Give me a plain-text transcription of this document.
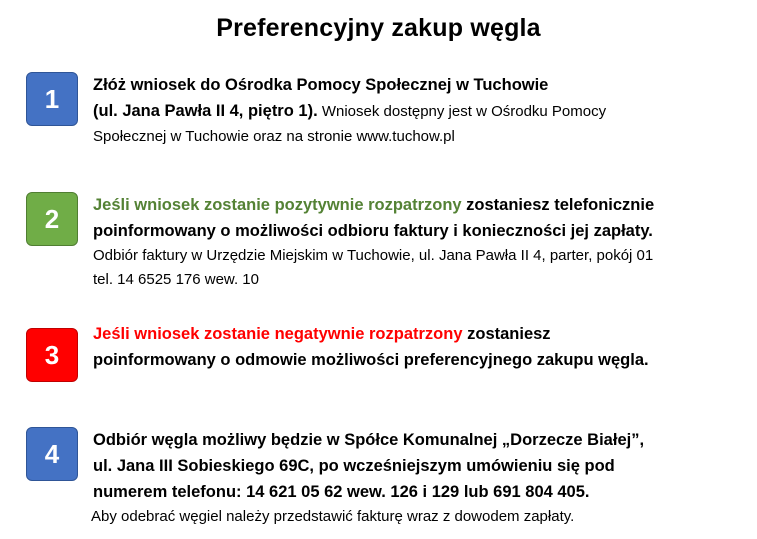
Preferencyjny zakup węgla
1	Złóż wniosek do Ośrodka Pomocy Społecznej w Tuchowie
(ul. Jana Pawła II 4, piętro 1). Wniosek dostępny jest w Ośrodku Pomocy
Społecznej w Tuchowie oraz na stronie www.tuchow.pl
2	Jeśli wniosek zostanie pozytywnie rozpatrzony zostaniesz telefonicznie
poinformowany o możliwości odbioru faktury i konieczności jej zapłaty.
Odbiór faktury w Urzędzie Miejskim w Tuchowie, ul. Jana Pawła II 4, parter, pokój 01
tel. 14 6525 176 wew. 10
3
Jeśli wniosek zostanie negatywnie rozpatrzony zostaniesz
poinformowany o odmowie możliwości preferencyjnego zakupu węgla.
4	Odbiór węgla możliwy będzie w Spółce Komunalnej „Dorzecze Białej”,
ul. Jana III Sobieskiego 69C, po wcześniejszym umówieniu się pod
numerem telefonu: 14 621 05 62 wew. 126 i 129 lub 691 804 405.
Aby odebrać węgiel należy przedstawić fakturę wraz z dowodem zapłaty.
